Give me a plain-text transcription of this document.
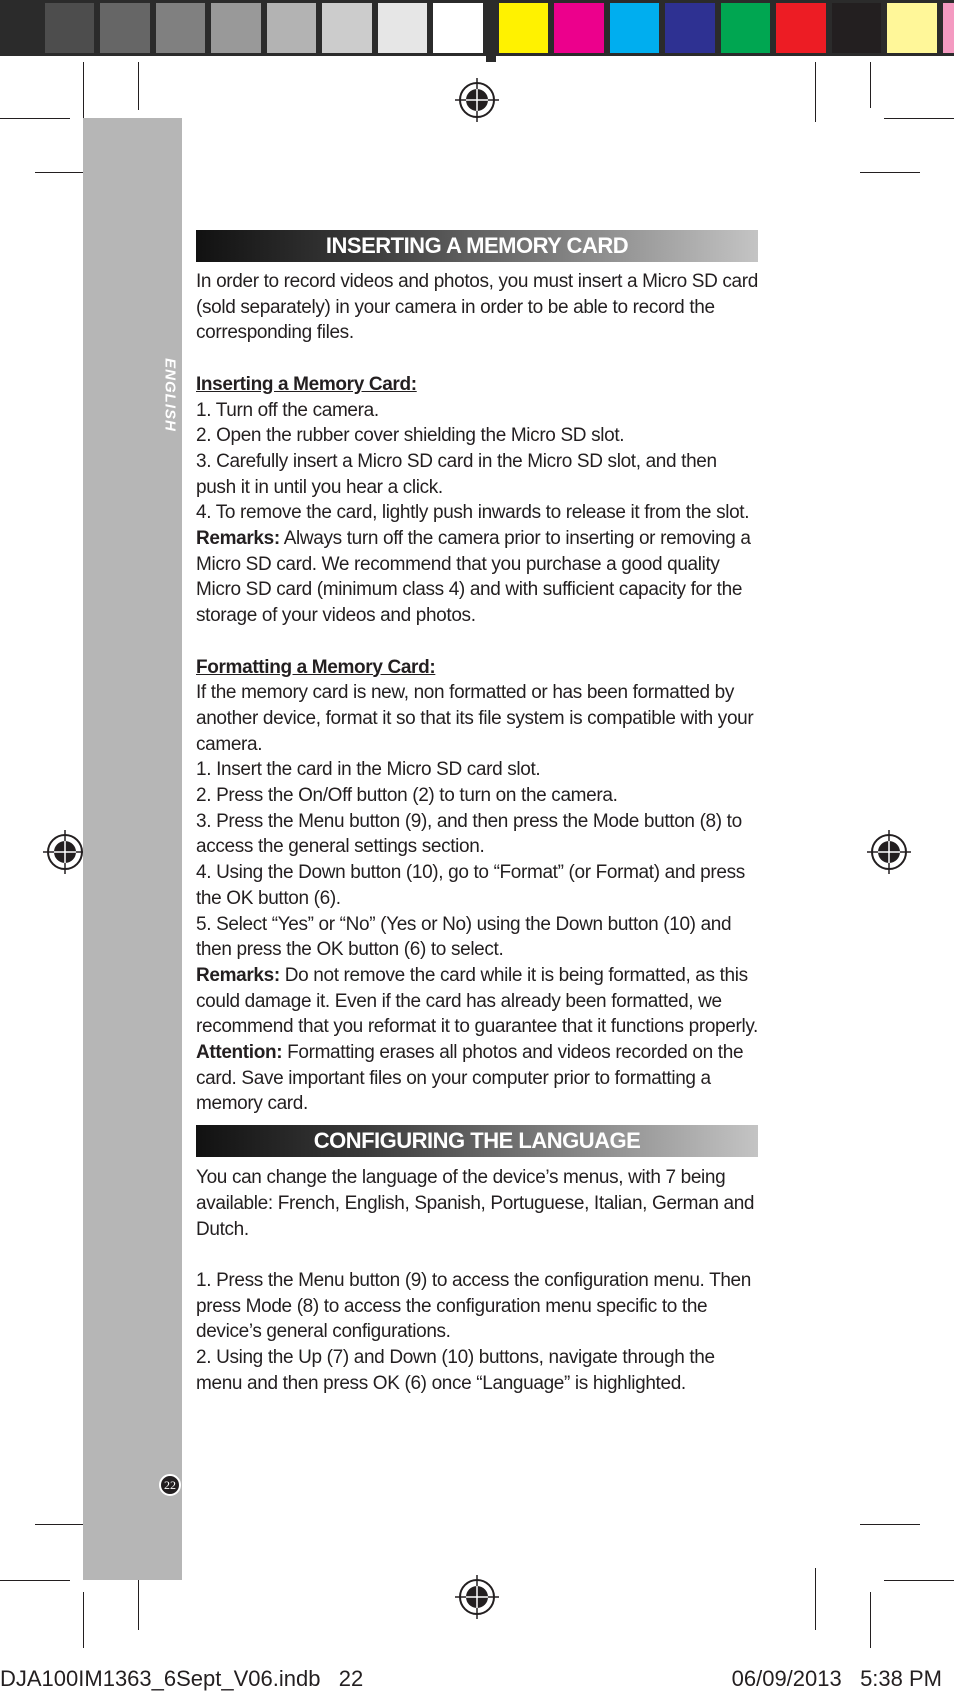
ENGLISH
22
INSERTING A MEMORY CARD

In order to record videos and photos, you must insert a Micro SD card (sold separately) in your camera in order to be able to record the corresponding files.

Inserting a Memory Card:

1. Turn off the camera.

2. Open the rubber cover shielding the Micro SD slot.

3. Carefully insert a Micro SD card in the Micro SD slot, and then push it in until you hear a click.

4. To remove the card, lightly push inwards to release it from the slot.

Remarks: Always turn off the camera prior to inserting or removing a Micro SD card. We recommend that you purchase a good quality Micro SD card (minimum class 4) and with sufficient capacity for the storage of your videos and photos.

Formatting a Memory Card:

If the memory card is new, non formatted or has been formatted by another device, format it so that its file system is compatible with your camera.

1. Insert the card in the Micro SD card slot.

2. Press the On/Off button (2) to turn on the camera.

3. Press the Menu button (9), and then press the Mode button (8) to access the general settings section.

4. Using the Down button (10), go to “Format” (or Format) and press the OK button (6).

5. Select “Yes” or “No” (Yes or No) using the Down button (10) and then press the OK button (6) to select.

Remarks: Do not remove the card while it is being formatted, as this could damage it. Even if the card has already been formatted, we recommend that you reformat it to guarantee that it functions properly.

Attention: Formatting erases all photos and videos recorded on the card. Save important files on your computer prior to formatting a memory card.

CONFIGURING THE LANGUAGE

You can change the language of the device’s menus, with 7 being available: French, English, Spanish, Portuguese, Italian, German and Dutch.

1. Press the Menu button (9) to access the configuration menu. Then press Mode (8) to access the configuration menu specific to the device’s general configurations.

2. Using the Up (7) and Down (10) buttons, navigate through the menu and then press OK (6) once “Language” is highlighted.

DJA100IM1363_6Sept_V06.indb   22	06/09/2013   5:38 PM
